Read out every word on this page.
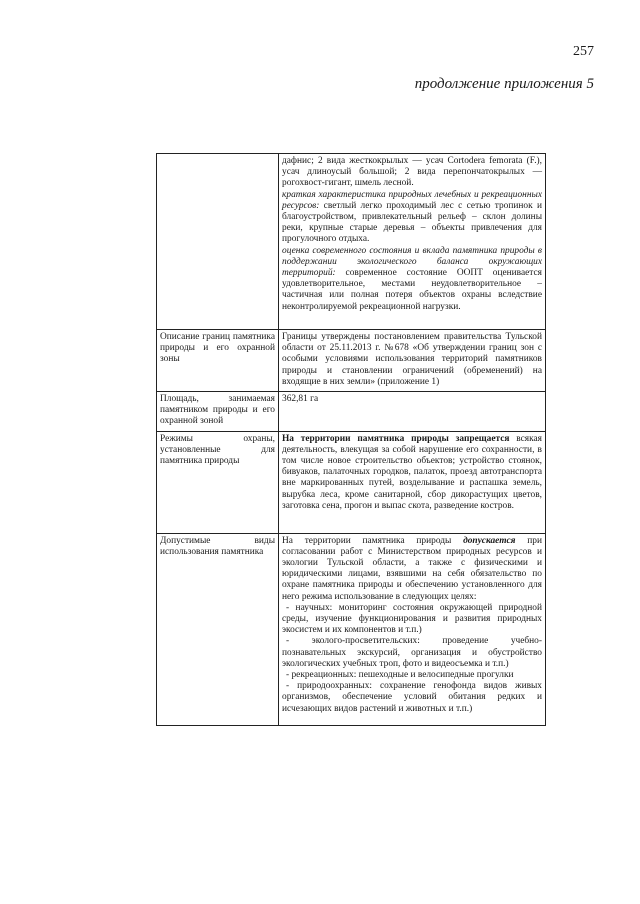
257
продолжение приложения 5

	дафнис; 2 вида жесткокрылых — усач Cortodera femorata (F.), усач длиноусый большой; 2 вида перепончатокрылых — рогохвост-гигант, шмель лесной.

краткая характеристика природных лечебных и рекреационных ресурсов: светлый легко проходимый лес с сетью тропинок и благоустройством, привлекательный рельеф – склон долины реки, крупные старые деревья – объекты привлечения для прогулочного отдыха.

оценка современного состояния и вклада памятника природы в поддержании экологического баланса окружающих территорий: современное состояние ООПТ оценивается удовлетворительное, местами неудовлетворительное – частичная или полная потеря объектов охраны вследствие неконтролируемой рекреационной нагрузки.

Описание границ памятника природы и его охранной зоны	Границы утверждены постановлением правительства Тульской области от 25.11.2013 г. №678 «Об утверждении границ зон с особыми условиями использования территорий памятников природы и становлении ограничений (обременений) на входящие в них земли» (приложение 1)

Площадь, занимаемая памятником природы и его охранной зоной	362,81 га

Режимы охраны, установленные для памятника природы	На территории памятника природы запрещается всякая деятельность, влекущая за собой нарушение его сохранности, в том числе новое строительство объектов; устройство стоянок, бивуаков, палаточных городков, палаток, проезд автотранспорта вне маркированных путей, возделывание и распашка земель, вырубка леса, кроме санитарной, сбор дикорастущих цветов, заготовка сена, прогон и выпас скота, разведение костров.

Допустимые виды использования памятника	На территории памятника природы допускается при согласовании работ с Министерством природных ресурсов и экологии Тульской области, а также с физическими и юридическими лицами, взявшими на себя обязательство по охране памятника природы и обеспечению установленного для него режима использование в следующих целях:

- научных: мониторинг состояния окружающей природной среды, изучение функционирования и развития природных экосистем и их компонентов и т.п.)

- эколого-просветительских: проведение учебно-познавательных экскурсий, организация и обустройство экологических учебных троп, фото и видеосъемка и т.п.)

- рекреационных: пешеходные и велосипедные прогулки

- природоохранных: сохранение генофонда видов живых организмов, обеспечение условий обитания редких и исчезающих видов растений и животных и т.п.)
